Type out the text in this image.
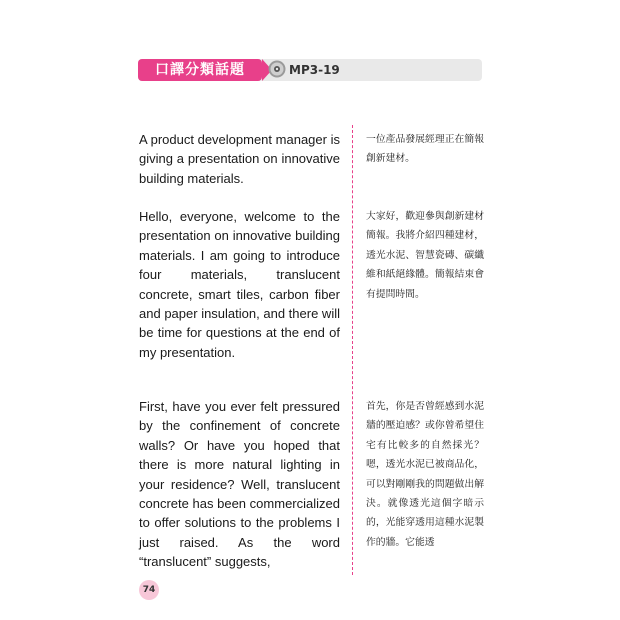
口譯分類話題	MP3-19

A product development manager is giving a presentation on innovative building materials.

Hello, everyone, welcome to the presentation on innovative building materials. I am going to introduce four materials, translucent concrete, smart tiles, carbon fiber and paper insulation, and there will be time for questions at the end of my presentation.

First, have you ever felt pressured by the confinement of concrete walls? Or have you hoped that there is more natural lighting in your residence? Well, translucent concrete has been commercialized to offer solutions to the problems I just raised. As the word “translucent” suggests,

一位產品發展經理正在簡報創新建材。

大家好，歡迎參與創新建材簡報。我將介紹四種建材，透光水泥、智慧瓷磚、碳纖維和紙絕緣體。簡報結束會有提問時間。

首先，你是否曾經感到水泥牆的壓迫感？或你曾希望住宅有比較多的自然採光？嗯，透光水泥已被商品化，可以對剛剛我的問題做出解決。就像透光這個字暗示的，光能穿透用這種水泥製作的牆。它能透

74
